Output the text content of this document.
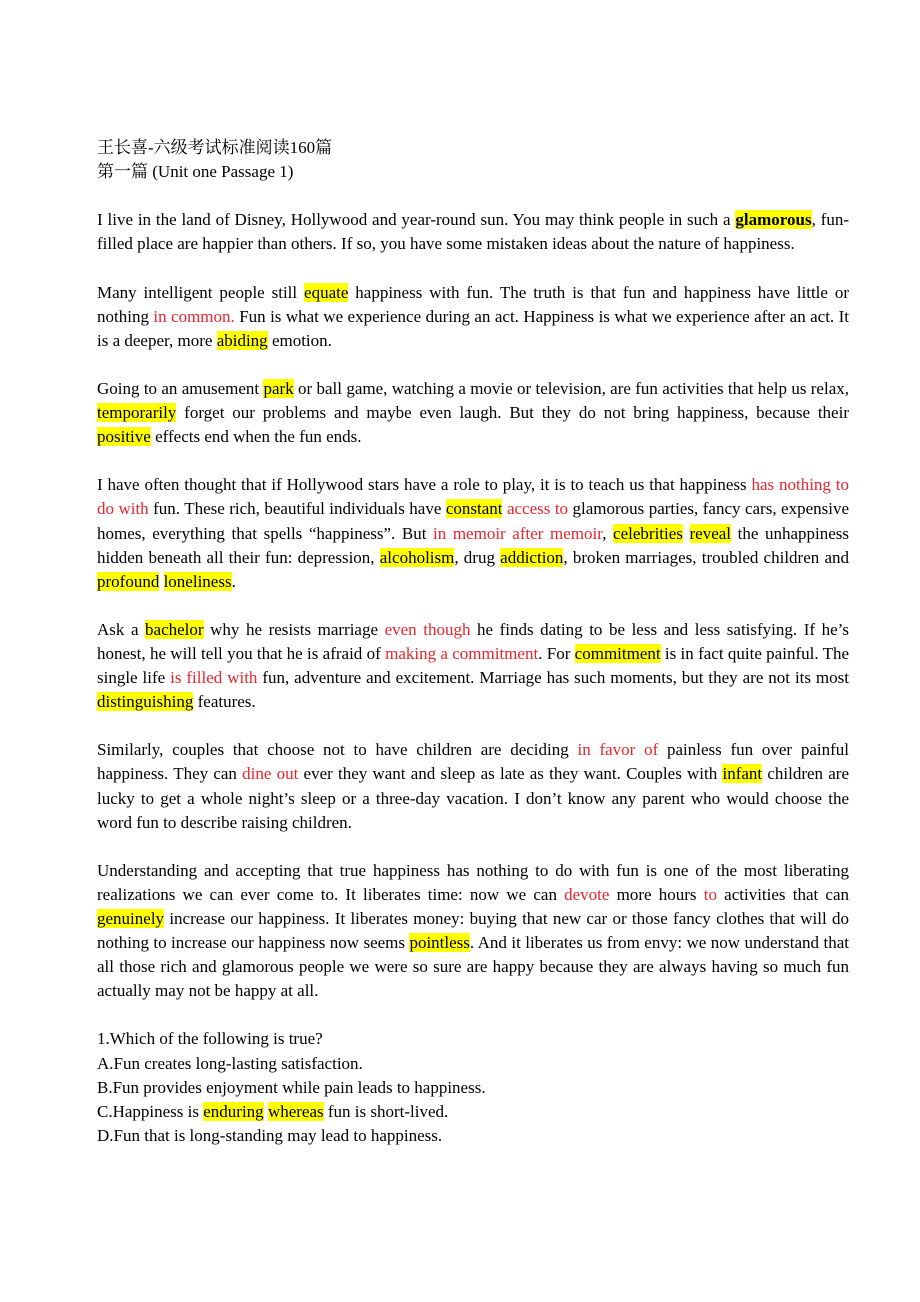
王长喜-六级考试标准阅读160篇

第一篇 (Unit one Passage 1)

I live in the land of Disney, Hollywood and year-round sun. You may think people in such a glamorous, fun-filled place are happier than others. If so, you have some mistaken ideas about the nature of happiness.

Many intelligent people still equate happiness with fun. The truth is that fun and happiness have little or nothing in common. Fun is what we experience during an act. Happiness is what we experience after an act. It is a deeper, more abiding emotion.

Going to an amusement park or ball game, watching a movie or television, are fun activities that help us relax, temporarily forget our problems and maybe even laugh. But they do not bring happiness, because their positive effects end when the fun ends.

I have often thought that if Hollywood stars have a role to play, it is to teach us that happiness has nothing to do with fun. These rich, beautiful individuals have constant access to glamorous parties, fancy cars, expensive homes, everything that spells “happiness”. But in memoir after memoir, celebrities reveal the unhappiness hidden beneath all their fun: depression, alcoholism, drug addiction, broken marriages, troubled children and profound loneliness.

Ask a bachelor why he resists marriage even though he finds dating to be less and less satisfying. If he’s honest, he will tell you that he is afraid of making a commitment. For commitment is in fact quite painful. The single life is filled with fun, adventure and excitement. Marriage has such moments, but they are not its most distinguishing features.

Similarly, couples that choose not to have children are deciding in favor of painless fun over painful happiness. They can dine out ever they want and sleep as late as they want. Couples with infant children are lucky to get a whole night’s sleep or a three-day vacation. I don’t know any parent who would choose the word fun to describe raising children.

Understanding and accepting that true happiness has nothing to do with fun is one of the most liberating realizations we can ever come to. It liberates time: now we can devote more hours to activities that can genuinely increase our happiness. It liberates money: buying that new car or those fancy clothes that will do nothing to increase our happiness now seems pointless. And it liberates us from envy: we now understand that all those rich and glamorous people we were so sure are happy because they are always having so much fun actually may not be happy at all.

1.Which of the following is true?

A.Fun creates long-lasting satisfaction.

B.Fun provides enjoyment while pain leads to happiness.

C.Happiness is enduring whereas fun is short-lived.

D.Fun that is long-standing may lead to happiness.
